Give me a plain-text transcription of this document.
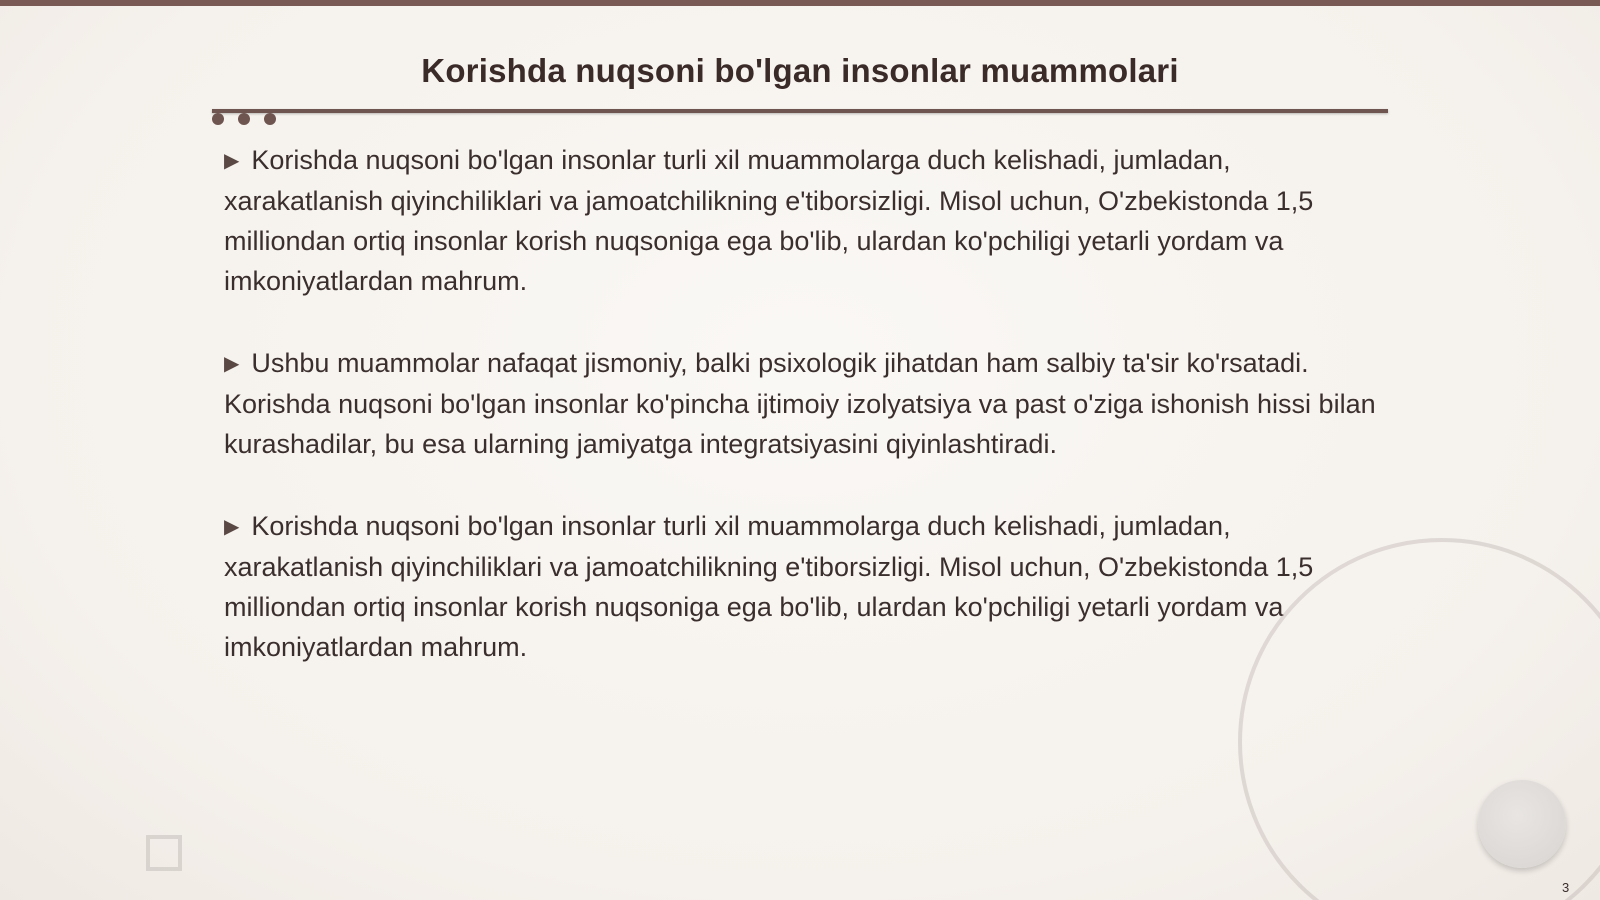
Korishda nuqsoni bo'lgan insonlar muammolari

▶ Korishda nuqsoni bo'lgan insonlar turli xil muammolarga duch kelishadi, jumladan, xarakatlanish qiyinchiliklari va jamoatchilikning e'tiborsizligi. Misol uchun, O'zbekistonda 1,5 milliondan ortiq insonlar korish nuqsoniga ega bo'lib, ulardan ko'pchiligi yetarli yordam va imkoniyatlardan mahrum.

▶ Ushbu muammolar nafaqat jismoniy, balki psixologik jihatdan ham salbiy ta'sir ko'rsatadi. Korishda nuqsoni bo'lgan insonlar ko'pincha ijtimoiy izolyatsiya va past o'ziga ishonish hissi bilan kurashadilar, bu esa ularning jamiyatga integratsiyasini qiyinlashtiradi.

▶ Korishda nuqsoni bo'lgan insonlar turli xil muammolarga duch kelishadi, jumladan, xarakatlanish qiyinchiliklari va jamoatchilikning e'tiborsizligi. Misol uchun, O'zbekistonda 1,5 milliondan ortiq insonlar korish nuqsoniga ega bo'lib, ulardan ko'pchiligi yetarli yordam va imkoniyatlardan mahrum.

3
